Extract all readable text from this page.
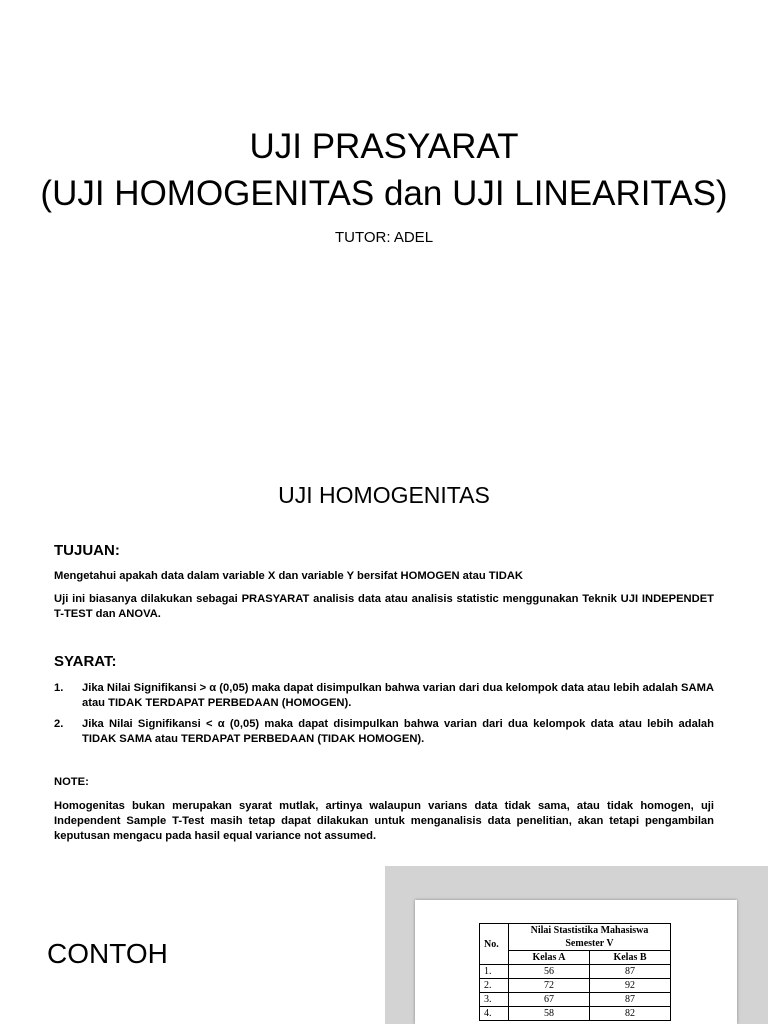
UJI PRASYARAT
(UJI HOMOGENITAS dan UJI LINEARITAS)
TUTOR: ADEL
UJI HOMOGENITAS
TUJUAN:
Mengetahui apakah data dalam variable X dan variable Y bersifat HOMOGEN atau TIDAK
Uji ini biasanya dilakukan sebagai PRASYARAT analisis data atau analisis statistic menggunakan Teknik UJI INDEPENDET T-TEST dan ANOVA.
SYARAT:
1.	Jika Nilai Signifikansi > α (0,05) maka dapat disimpulkan bahwa varian dari dua kelompok data atau lebih adalah SAMA atau TIDAK TERDAPAT PERBEDAAN (HOMOGEN).
2.	Jika Nilai Signifikansi < α (0,05) maka dapat disimpulkan bahwa varian dari dua kelompok data atau lebih adalah TIDAK SAMA atau TERDAPAT PERBEDAAN (TIDAK HOMOGEN).
NOTE:
Homogenitas bukan merupakan syarat mutlak, artinya walaupun varians data tidak sama, atau tidak homogen, uji Independent Sample T-Test masih tetap dapat dilakukan untuk menganalisis data penelitian, akan tetapi pengambilan keputusan mengacu pada hasil equal variance not assumed.
CONTOH	No.	Nilai Stastistika Mahasiswa Semester V	
	Kelas A	Kelas B
1.	56	87
2.	72	92
3.	67	87
4.	58	82
